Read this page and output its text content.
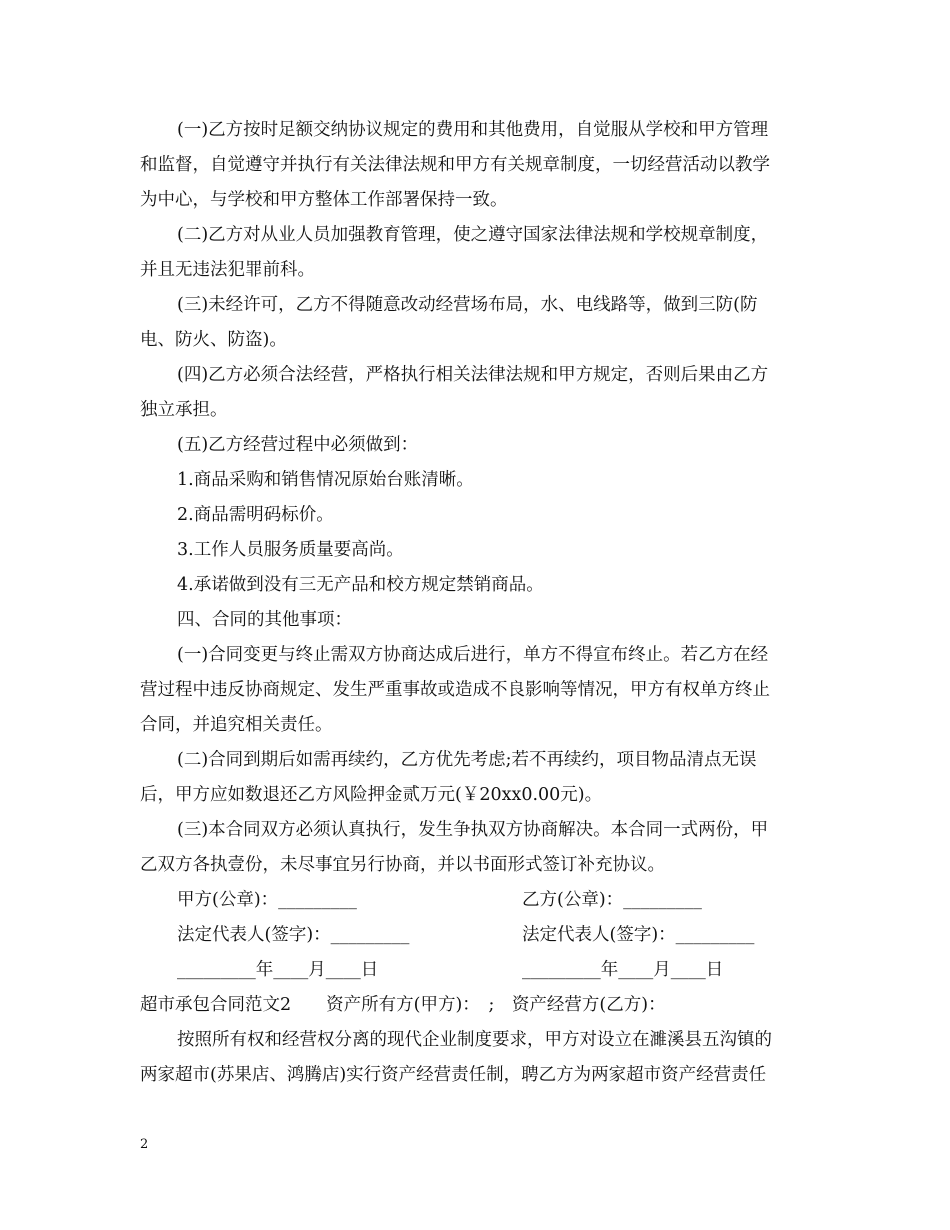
(一)乙方按时足额交纳协议规定的费用和其他费用，自觉服从学校和甲方管理
和监督，自觉遵守并执行有关法律法规和甲方有关规章制度，一切经营活动以教学
为中心，与学校和甲方整体工作部署保持一致。
(二)乙方对从业人员加强教育管理，使之遵守国家法律法规和学校规章制度，
并且无违法犯罪前科。
(三)未经许可，乙方不得随意改动经营场布局，水、电线路等，做到三防(防
电、防火、防盗)。
(四)乙方必须合法经营，严格执行相关法律法规和甲方规定，否则后果由乙方
独立承担。
(五)乙方经营过程中必须做到：
1.商品采购和销售情况原始台账清晰。
2.商品需明码标价。
3.工作人员服务质量要高尚。
4.承诺做到没有三无产品和校方规定禁销商品。
四、合同的其他事项：
(一)合同变更与终止需双方协商达成后进行，单方不得宣布终止。若乙方在经
营过程中违反协商规定、发生严重事故或造成不良影响等情况，甲方有权单方终止
合同，并追究相关责任。
(二)合同到期后如需再续约，乙方优先考虑;若不再续约，项目物品清点无误
后，甲方应如数退还乙方风险押金贰万元(￥20xx0.00元)。
(三)本合同双方必须认真执行，发生争执双方协商解决。本合同一式两份，甲
乙双方各执壹份，未尽事宜另行协商，并以书面形式签订补充协议。
甲方(公章)：_________	乙方(公章)：_________
法定代表人(签字)：_________	法定代表人(签字)：_________
_________年____月____日	_________年____月____日
超市承包合同范文2　　资产所有方(甲方)：　;　资产经营方(乙方)：
按照所有权和经营权分离的现代企业制度要求，甲方对设立在濉溪县五沟镇的
两家超市(苏果店、鸿腾店)实行资产经营责任制，聘乙方为两家超市资产经营责任
2
